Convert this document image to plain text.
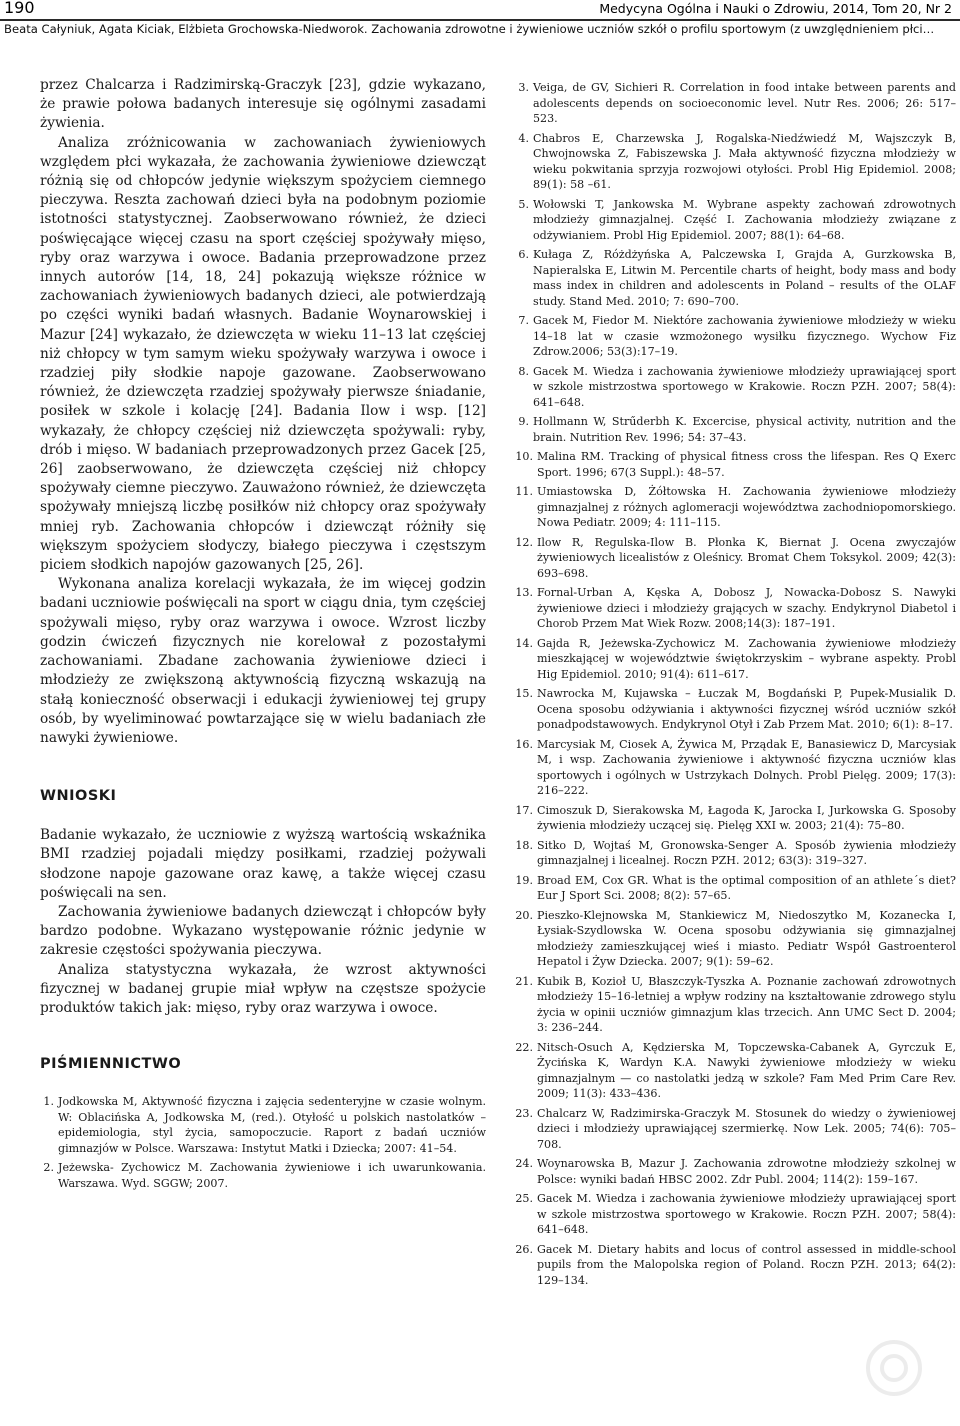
190	Medycyna Ogólna i Nauki o Zdrowiu, 2014, Tom 20, Nr 2
Beata Całyniuk, Agata Kiciak, Elżbieta Grochowska-Niedworok. Zachowania zdrowotne i żywieniowe uczniów szkół o profilu sportowym (z uwzględnieniem płci…

przez Chalcarza i Radzimirską-Graczyk [23], gdzie wykazano, że prawie połowa badanych interesuje się ogólnymi zasadami żywienia.

Analiza zróżnicowania w zachowaniach żywieniowych względem płci wykazała, że zachowania żywieniowe dziewcząt różnią się od chłopców jedynie większym spożyciem ciemnego pieczywa. Reszta zachowań dzieci była na podobnym poziomie istotności statystycznej. Zaobserwowano również, że dzieci poświęcające więcej czasu na sport częściej spożywały mięso, ryby oraz warzywa i owoce. Badania przeprowadzone przez innych autorów [14, 18, 24] pokazują większe różnice w zachowaniach żywieniowych badanych dzieci, ale potwierdzają po części wyniki badań własnych. Badanie Woynarowskiej i Mazur [24] wykazało, że dziewczęta w wieku 11–13 lat częściej niż chłopcy w tym samym wieku spożywały warzywa i owoce i rzadziej piły słodkie napoje gazowane. Zaobserwowano również, że dziewczęta rzadziej spożywały pierwsze śniadanie, posiłek w szkole i kolację [24]. Badania Ilow i wsp. [12] wykazały, że chłopcy częściej niż dziewczęta spożywali: ryby, drób i mięso. W badaniach przeprowadzonych przez Gacek [25, 26] zaobserwowano, że dziewczęta częściej niż chłopcy spożywały ciemne pieczywo. Zauważono również, że dziewczęta spożywały mniejszą liczbę posiłków niż chłopcy oraz spożywały mniej ryb. Zachowania chłopców i dziewcząt różniły się większym spożyciem słodyczy, białego pieczywa i częstszym piciem słodkich napojów gazowanych [25, 26].

Wykonana analiza korelacji wykazała, że im więcej godzin badani uczniowie poświęcali na sport w ciągu dnia, tym częściej spożywali mięso, ryby oraz warzywa i owoce. Wzrost liczby godzin ćwiczeń fizycznych nie korelował z pozostałymi zachowaniami. Zbadane zachowania żywieniowe dzieci i młodzieży ze zwiększoną aktywnością fizyczną wskazują na stałą konieczność obserwacji i edukacji żywieniowej tej grupy osób, by wyeliminować powtarzające się w wielu badaniach złe nawyki żywieniowe.

WNIOSKI

Badanie wykazało, że uczniowie z wyższą wartością wskaźnika BMI rzadziej pojadali między posiłkami, rzadziej pożywali słodzone napoje gazowane oraz kawę, a także więcej czasu poświęcali na sen.

Zachowania żywieniowe badanych dziewcząt i chłopców były bardzo podobne. Wykazano występowanie różnic jedynie w zakresie częstości spożywania pieczywa.

Analiza statystyczna wykazała, że wzrost aktywności fizycznej w badanej grupie miał wpływ na częstsze spożycie produktów takich jak: mięso, ryby oraz warzywa i owoce.

PIŚMIENNICTWO
1. Jodkowska M, Aktywność fizyczna i zajęcia sedenteryjne w czasie wolnym. W: Oblacińska A, Jodkowska M, (red.). Otyłość u polskich nastolatków – epidemiologia, styl życia, samopoczucie. Raport z badań uczniów gimnazjów w Polsce. Warszawa: Instytut Matki i Dziecka; 2007: 41–54.
2. Jeżewska- Zychowicz M. Zachowania żywieniowe i ich uwarunkowania. Warszawa. Wyd. SGGW; 2007.
3. Veiga, de GV, Sichieri R. Correlation in food intake between parents and adolescents depends on socioeconomic level. Nutr Res. 2006; 26: 517–523.
4. Chabros E, Charzewska J, Rogalska-Niedźwiedź M, Wajszczyk B, Chwojnowska Z, Fabiszewska J. Mała aktywność fizyczna młodzieży w wieku pokwitania sprzyja rozwojowi otyłości. Probl Hig Epidemiol. 2008; 89(1): 58 –61.
5. Wołowski T, Jankowska M. Wybrane aspekty zachowań zdrowotnych młodzieży gimnazjalnej. Część I. Zachowania młodzieży związane z odżywianiem. Probl Hig Epidemiol. 2007; 88(1): 64–68.
6. Kułaga Z, Różdżyńska A, Palczewska I, Grajda A, Gurzkowska B, Napieralska E, Litwin M. Percentile charts of height, body mass and body mass index in children and adolescents in Poland – results of the OLAF study. Stand Med. 2010; 7: 690–700.
7. Gacek M, Fiedor M. Niektóre zachowania żywieniowe młodzieży w wieku 14–18 lat w czasie wzmożonego wysiłku fizycznego. Wychow Fiz Zdrow.2006; 53(3):17–19.
8. Gacek M. Wiedza i zachowania żywieniowe młodzieży uprawiającej sport w szkole mistrzostwa sportowego w Krakowie. Roczn PZH. 2007; 58(4): 641–648.
9. Hollmann W, Strűderbh K. Excercise, physical activity, nutrition and the brain. Nutrition Rev. 1996; 54: 37–43.
10. Malina RM. Tracking of physical fitness cross the lifespan. Res Q Exerc Sport. 1996; 67(3 Suppl.): 48–57.
11. Umiastowska D, Żółtowska H. Zachowania żywieniowe młodzieży gimnazjalnej z różnych aglomeracji województwa zachodniopomorskiego. Nowa Pediatr. 2009; 4: 111–115.
12. Ilow R, Regulska-Ilow B. Płonka K, Biernat J. Ocena zwyczajów żywieniowych licealistów z Oleśnicy. Bromat Chem Toksykol. 2009; 42(3): 693–698.
13. Fornal-Urban A, Kęska A, Dobosz J, Nowacka-Dobosz S. Nawyki żywieniowe dzieci i młodzieży grających w szachy. Endykrynol Diabetol i Chorob Przem Mat Wiek Rozw. 2008;14(3): 187–191.
14. Gajda R, Jeżewska-Zychowicz M. Zachowania żywieniowe młodzieży mieszkającej w województwie świętokrzyskim – wybrane aspekty. Probl Hig Epidemiol. 2010; 91(4): 611–617.
15. Nawrocka M, Kujawska – Łuczak M, Bogdański P, Pupek-Musialik D. Ocena sposobu odżywiania i aktywności fizycznej wśród uczniów szkół ponadpodstawowych. Endykrynol Otył i Zab Przem Mat. 2010; 6(1): 8–17.
16. Marcysiak M, Ciosek A, Żywica M, Prządak E, Banasiewicz D, Marcysiak M, i wsp. Zachowania żywieniowe i aktywność fizyczna uczniów klas sportowych i ogólnych w Ustrzykach Dolnych. Probl Pielęg. 2009; 17(3): 216–222.
17. Cimoszuk D, Sierakowska M, Łagoda K, Jarocka I, Jurkowska G. Sposoby żywienia młodzieży uczącej się. Pielęg XXI w. 2003; 21(4): 75–80.
18. Sitko D, Wojtaś M, Gronowska-Senger A. Sposób żywienia młodzieży gimnazjalnej i licealnej. Roczn PZH. 2012; 63(3): 319–327.
19. Broad EM, Cox GR. What is the optimal composition of an athlete´s diet? Eur J Sport Sci. 2008; 8(2): 57–65.
20. Pieszko-Klejnowska M, Stankiewicz M, Niedoszytko M, Kozanecka I, Łysiak-Szydlowska W. Ocena sposobu odżywiania się gimnazjalnej młodzieży zamieszkującej wieś i miasto. Pediatr Współ Gastroenterol Hepatol i Żyw Dziecka. 2007; 9(1): 59–62.
21. Kubik B, Kozioł U, Błaszczyk-Tyszka A. Poznanie zachowań zdrowotnych młodzieży 15–16-letniej a wpływ rodziny na kształtowanie zdrowego stylu życia w opinii uczniów gimnazjum klas trzecich. Ann UMC Sect D. 2004; 3: 236–244.
22. Nitsch-Osuch A, Kędzierska M, Topczewska-Cabanek A, Gyrczuk E, Życińska K, Wardyn K.A. Nawyki żywieniowe młodzieży w wieku gimnazjalnym — co nastolatki jedzą w szkole? Fam Med Prim Care Rev. 2009; 11(3): 433–436.
23. Chalcarz W, Radzimirska-Graczyk M. Stosunek do wiedzy o żywieniowej dzieci i młodzieży uprawiającej szermierkę. Now Lek. 2005; 74(6): 705–708.
24. Woynarowska B, Mazur J. Zachowania zdrowotne młodzieży szkolnej w Polsce: wyniki badań HBSC 2002. Zdr Publ. 2004; 114(2): 159–167.
25. Gacek M. Wiedza i zachowania żywieniowe młodzieży uprawiającej sport w szkole mistrzostwa sportowego w Krakowie. Roczn PZH. 2007; 58(4): 641–648.
26. Gacek M. Dietary habits and locus of control assessed in middle-school pupils from the Malopolska region of Poland. Roczn PZH. 2013; 64(2): 129–134.
